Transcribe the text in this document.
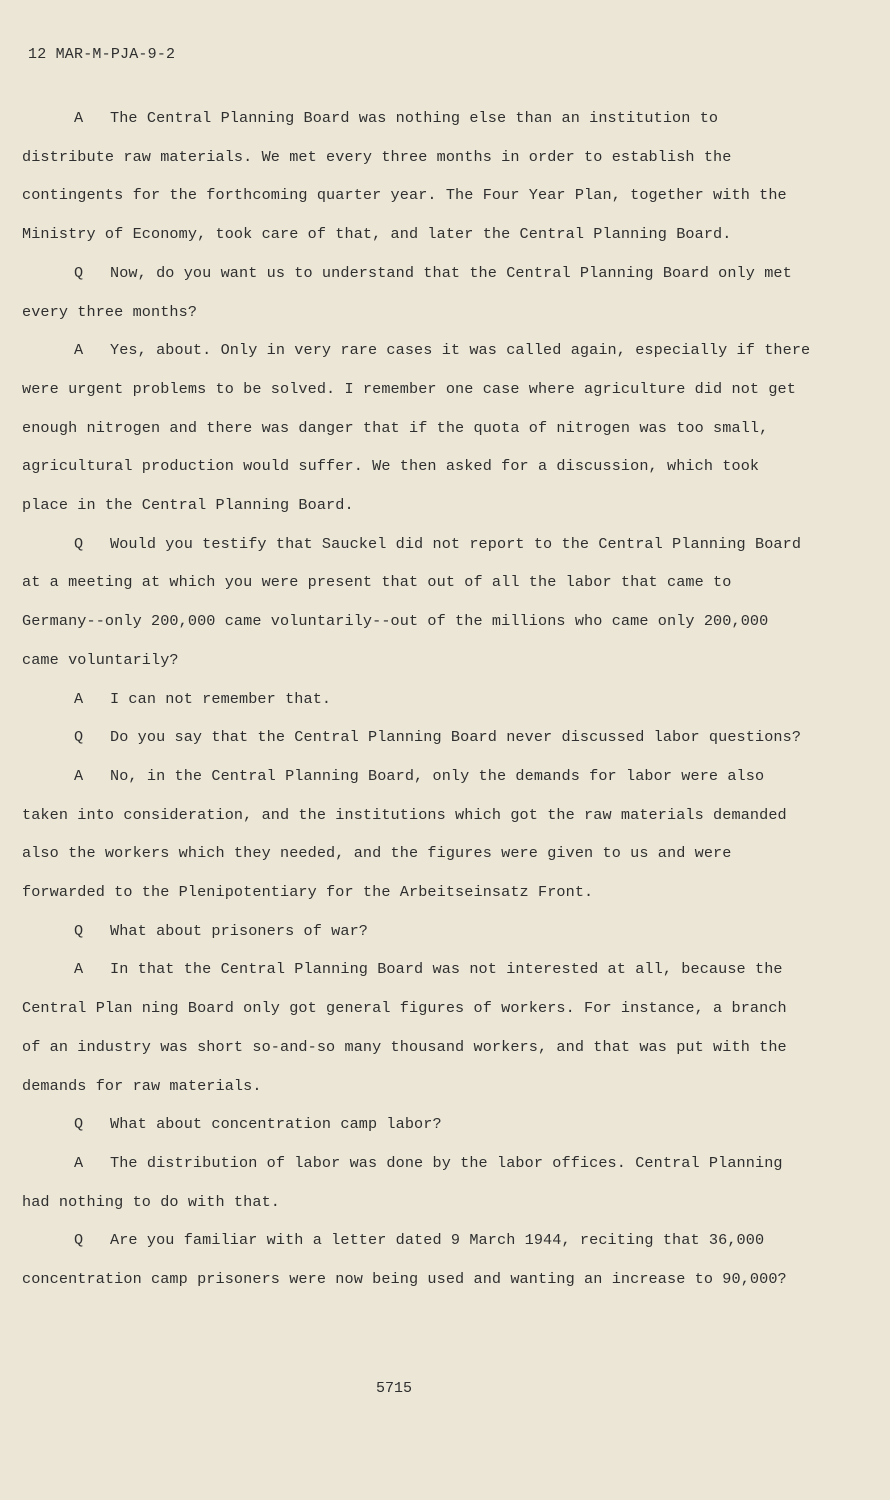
12 MAR-M-PJA-9-2

A The Central Planning Board was nothing else than an institution to distribute raw materials. We met every three months in order to establish the contingents for the forthcoming quarter year. The Four Year Plan, together with the Ministry of Economy, took care of that, and later the Central Planning Board.

Q Now, do you want us to understand that the Central Planning Board only met every three months?

A Yes, about. Only in very rare cases it was called again, especially if there were urgent problems to be solved. I remember one case where agriculture did not get enough nitrogen and there was danger that if the quota of nitrogen was too small, agricultural production would suffer. We then asked for a discussion, which took place in the Central Planning Board.

Q Would you testify that Sauckel did not report to the Central Planning Board at a meeting at which you were present that out of all the labor that came to Germany--only 200,000 came voluntarily--out of the millions who came only 200,000 came voluntarily?

A I can not remember that.

Q Do you say that the Central Planning Board never discussed labor questions?

A No, in the Central Planning Board, only the demands for labor were also taken into consideration, and the institutions which got the raw materials demanded also the workers which they needed, and the figures were given to us and were forwarded to the Plenipotentiary for the Arbeitseinsatz Front.

Q What about prisoners of war?

A In that the Central Planning Board was not interested at all, because the Central Plan ning Board only got general figures of workers. For instance, a branch of an industry was short so-and-so many thousand workers, and that was put with the demands for raw materials.

Q What about concentration camp labor?

A The distribution of labor was done by the labor offices. Central Planning had nothing to do with that.

Q Are you familiar with a letter dated 9 March 1944, reciting that 36,000 concentration camp prisoners were now being used and wanting an increase to 90,000?

5715
